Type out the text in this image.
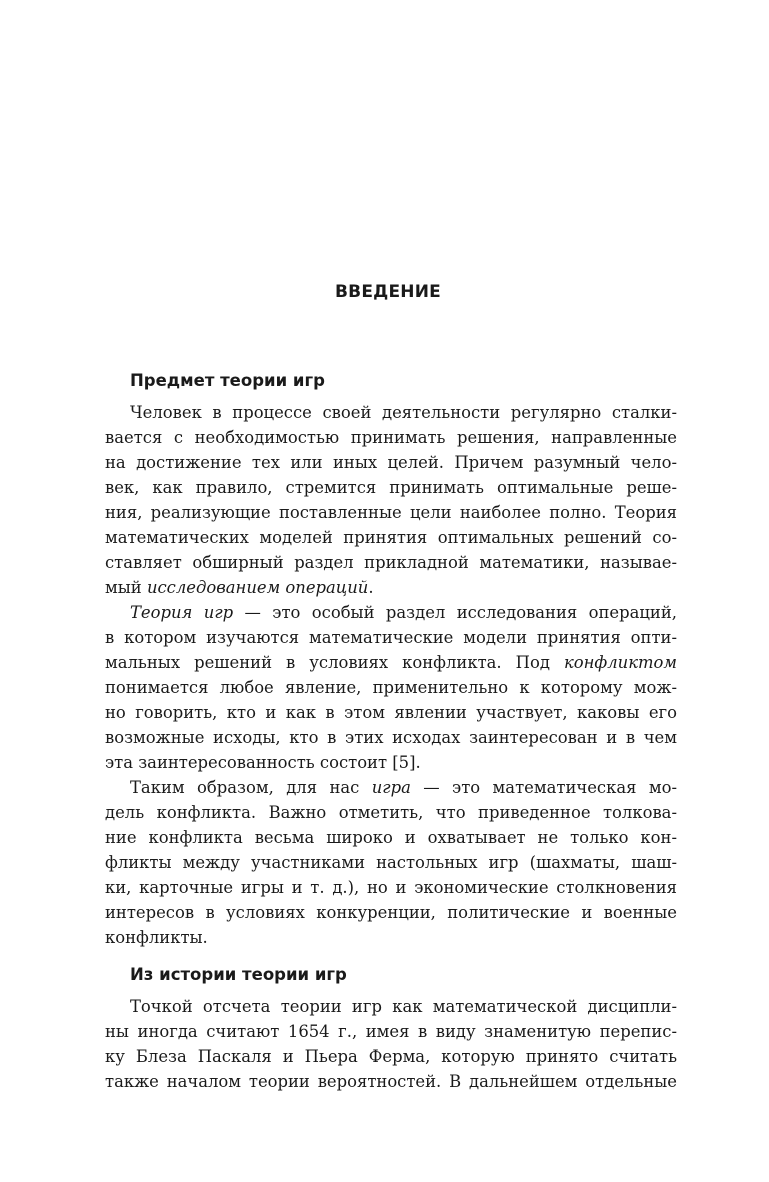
ВВЕДЕНИЕ
Предмет теории игр
Человек в процессе своей деятельности регулярно сталки-
вается с необходимостью принимать решения, направленные
на достижение тех или иных целей. Причем разумный чело-
век, как правило, стремится принимать оптимальные реше-
ния, реализующие поставленные цели наиболее полно. Теория
математических моделей принятия оптимальных решений со-
ставляет обширный раздел прикладной математики, называе-
мый исследованием операций.
Теория игр — это особый раздел исследования операций,
в котором изучаются математические модели принятия опти-
мальных решений в условиях конфликта. Под конфликтом
понимается любое явление, применительно к которому мож-
но говорить, кто и как в этом явлении участвует, каковы его
возможные исходы, кто в этих исходах заинтересован и в чем
эта заинтересованность состоит [5].
Таким образом, для нас игра — это математическая мо-
дель конфликта. Важно отметить, что приведенное толкова-
ние конфликта весьма широко и охватывает не только кон-
фликты между участниками настольных игр (шахматы, шаш-
ки, карточные игры и т. д.), но и экономические столкновения
интересов в условиях конкуренции, политические и военные
конфликты.
Из истории теории игр
Точкой отсчета теории игр как математической дисципли-
ны иногда считают 1654 г., имея в виду знаменитую перепис-
ку Блеза Паскаля и Пьера Ферма, которую принято считать
также началом теории вероятностей. В дальнейшем отдельные
